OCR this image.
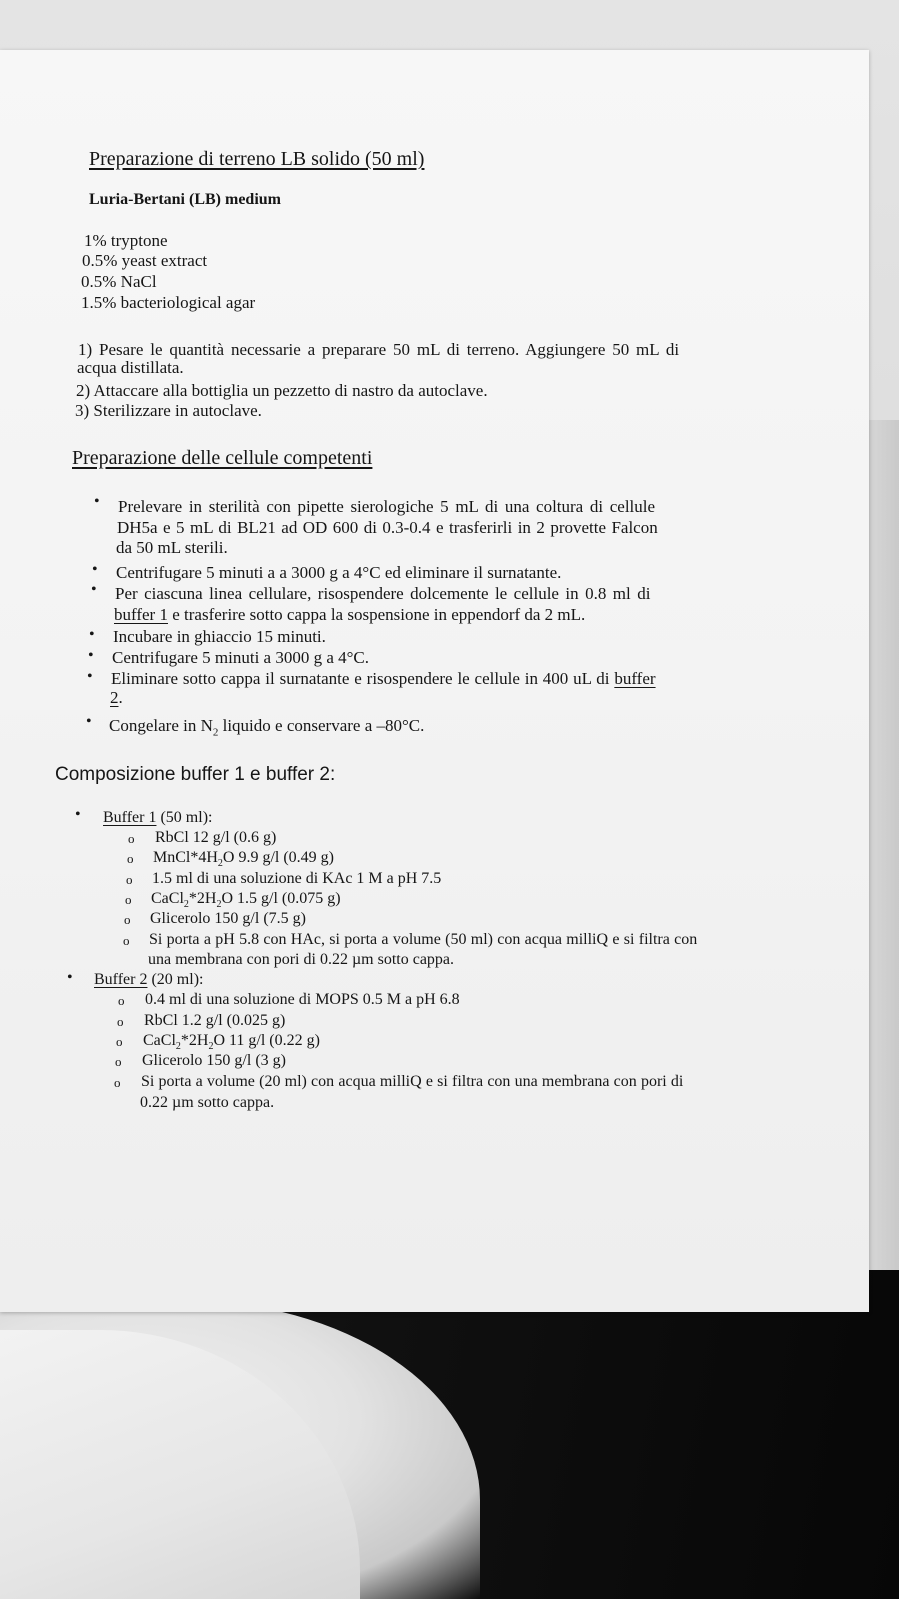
Preparazione di terreno LB solido (50 ml)
Luria-Bertani (LB) medium
1% tryptone
0.5% yeast extract
0.5% NaCl
1.5% bacteriological agar
1) Pesare le quantità necessarie a preparare 50 mL di terreno. Aggiungere 50 mL di
acqua distillata.
2) Attaccare alla bottiglia un pezzetto di nastro da autoclave.
3) Sterilizzare in autoclave.
Preparazione delle cellule competenti
• Prelevare in sterilità con pipette sierologiche 5 mL di una coltura di cellule
DH5a e 5 mL di BL21 ad OD 600 di 0.3-0.4 e trasferirli in 2 provette Falcon
da 50 mL sterili.
• Centrifugare 5 minuti a a 3000 g a 4°C ed eliminare il surnatante.
• Per ciascuna linea cellulare, risospendere dolcemente le cellule in 0.8 ml di
buffer 1 e trasferire sotto cappa la sospensione in eppendorf da 2 mL.
• Incubare in ghiaccio 15 minuti.
• Centrifugare 5 minuti a 3000 g a 4°C.
• Eliminare sotto cappa il surnatante e risospendere le cellule in 400 uL di buffer
2.
• Congelare in $N_2$ liquido e conservare a –80°C.
Composizione buffer 1 e buffer 2:
• Buffer 1 (50 ml):
o RbCl 12 g/l (0.6 g)
o $MnCl*4H_2O$ 9.9 g/l (0.49 g)
o 1.5 ml di una soluzione di KAc 1 M a pH 7.5
o $CaCl_2*2H_2O$ 1.5 g/l (0.075 g)
o Glicerolo 150 g/l (7.5 g)
o Si porta a pH 5.8 con HAc, si porta a volume (50 ml) con acqua milliQ e si filtra con
una membrana con pori di 0.22 µm sotto cappa.
• Buffer 2 (20 ml):
o 0.4 ml di una soluzione di MOPS 0.5 M a pH 6.8
o RbCl 1.2 g/l (0.025 g)
o $CaCl_2*2H_2O$ 11 g/l (0.22 g)
o Glicerolo 150 g/l (3 g)
o Si porta a volume (20 ml) con acqua milliQ e si filtra con una membrana con pori di
0.22 µm sotto cappa.
